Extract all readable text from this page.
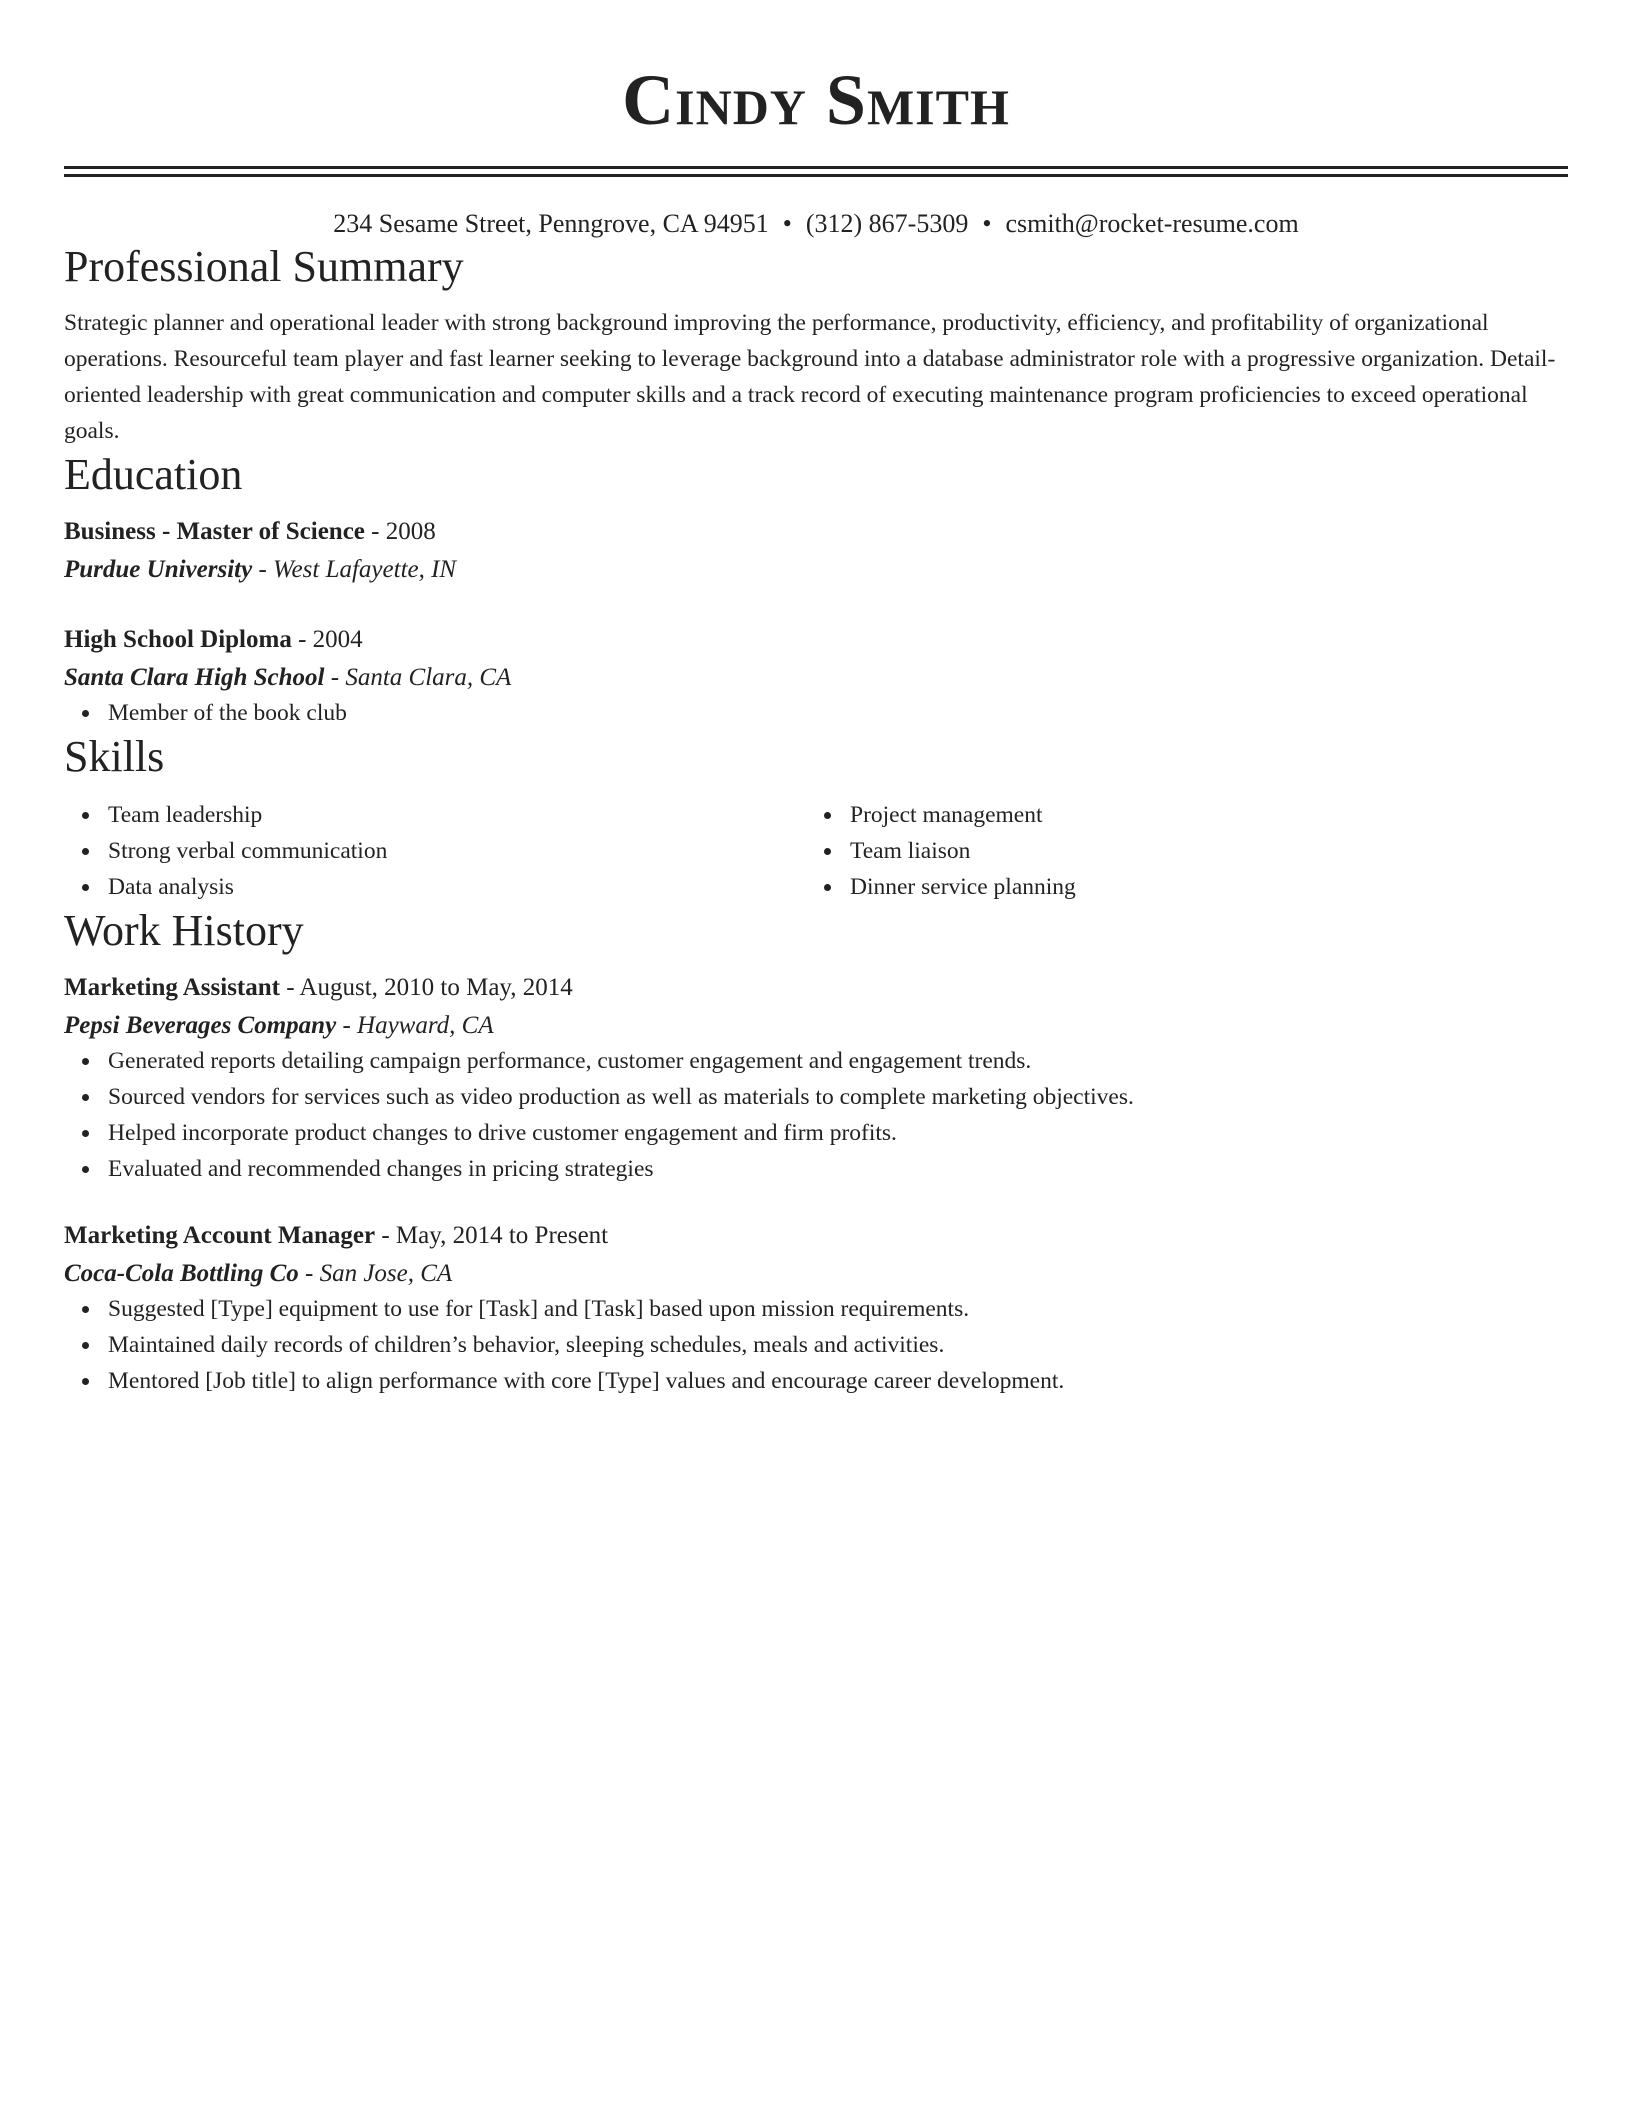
Cindy Smith
234 Sesame Street, Penngrove, CA 94951 • (312) 867-5309 • csmith@rocket-resume.com
Professional Summary
Strategic planner and operational leader with strong background improving the performance, productivity, efficiency, and profitability of organizational operations. Resourceful team player and fast learner seeking to leverage background into a database administrator role with a progressive organization. Detail-oriented leadership with great communication and computer skills and a track record of executing maintenance program proficiencies to exceed operational goals.
Education
Business - Master of Science - 2008
Purdue University - West Lafayette, IN
High School Diploma - 2004
Santa Clara High School - Santa Clara, CA
Member of the book club
Skills
Team leadership
Strong verbal communication
Data analysis
Project management
Team liaison
Dinner service planning
Work History
Marketing Assistant - August, 2010 to May, 2014
Pepsi Beverages Company - Hayward, CA
Generated reports detailing campaign performance, customer engagement and engagement trends.
Sourced vendors for services such as video production as well as materials to complete marketing objectives.
Helped incorporate product changes to drive customer engagement and firm profits.
Evaluated and recommended changes in pricing strategies
Marketing Account Manager - May, 2014 to Present
Coca-Cola Bottling Co - San Jose, CA
Suggested [Type] equipment to use for [Task] and [Task] based upon mission requirements.
Maintained daily records of children’s behavior, sleeping schedules, meals and activities.
Mentored [Job title] to align performance with core [Type] values and encourage career development.
